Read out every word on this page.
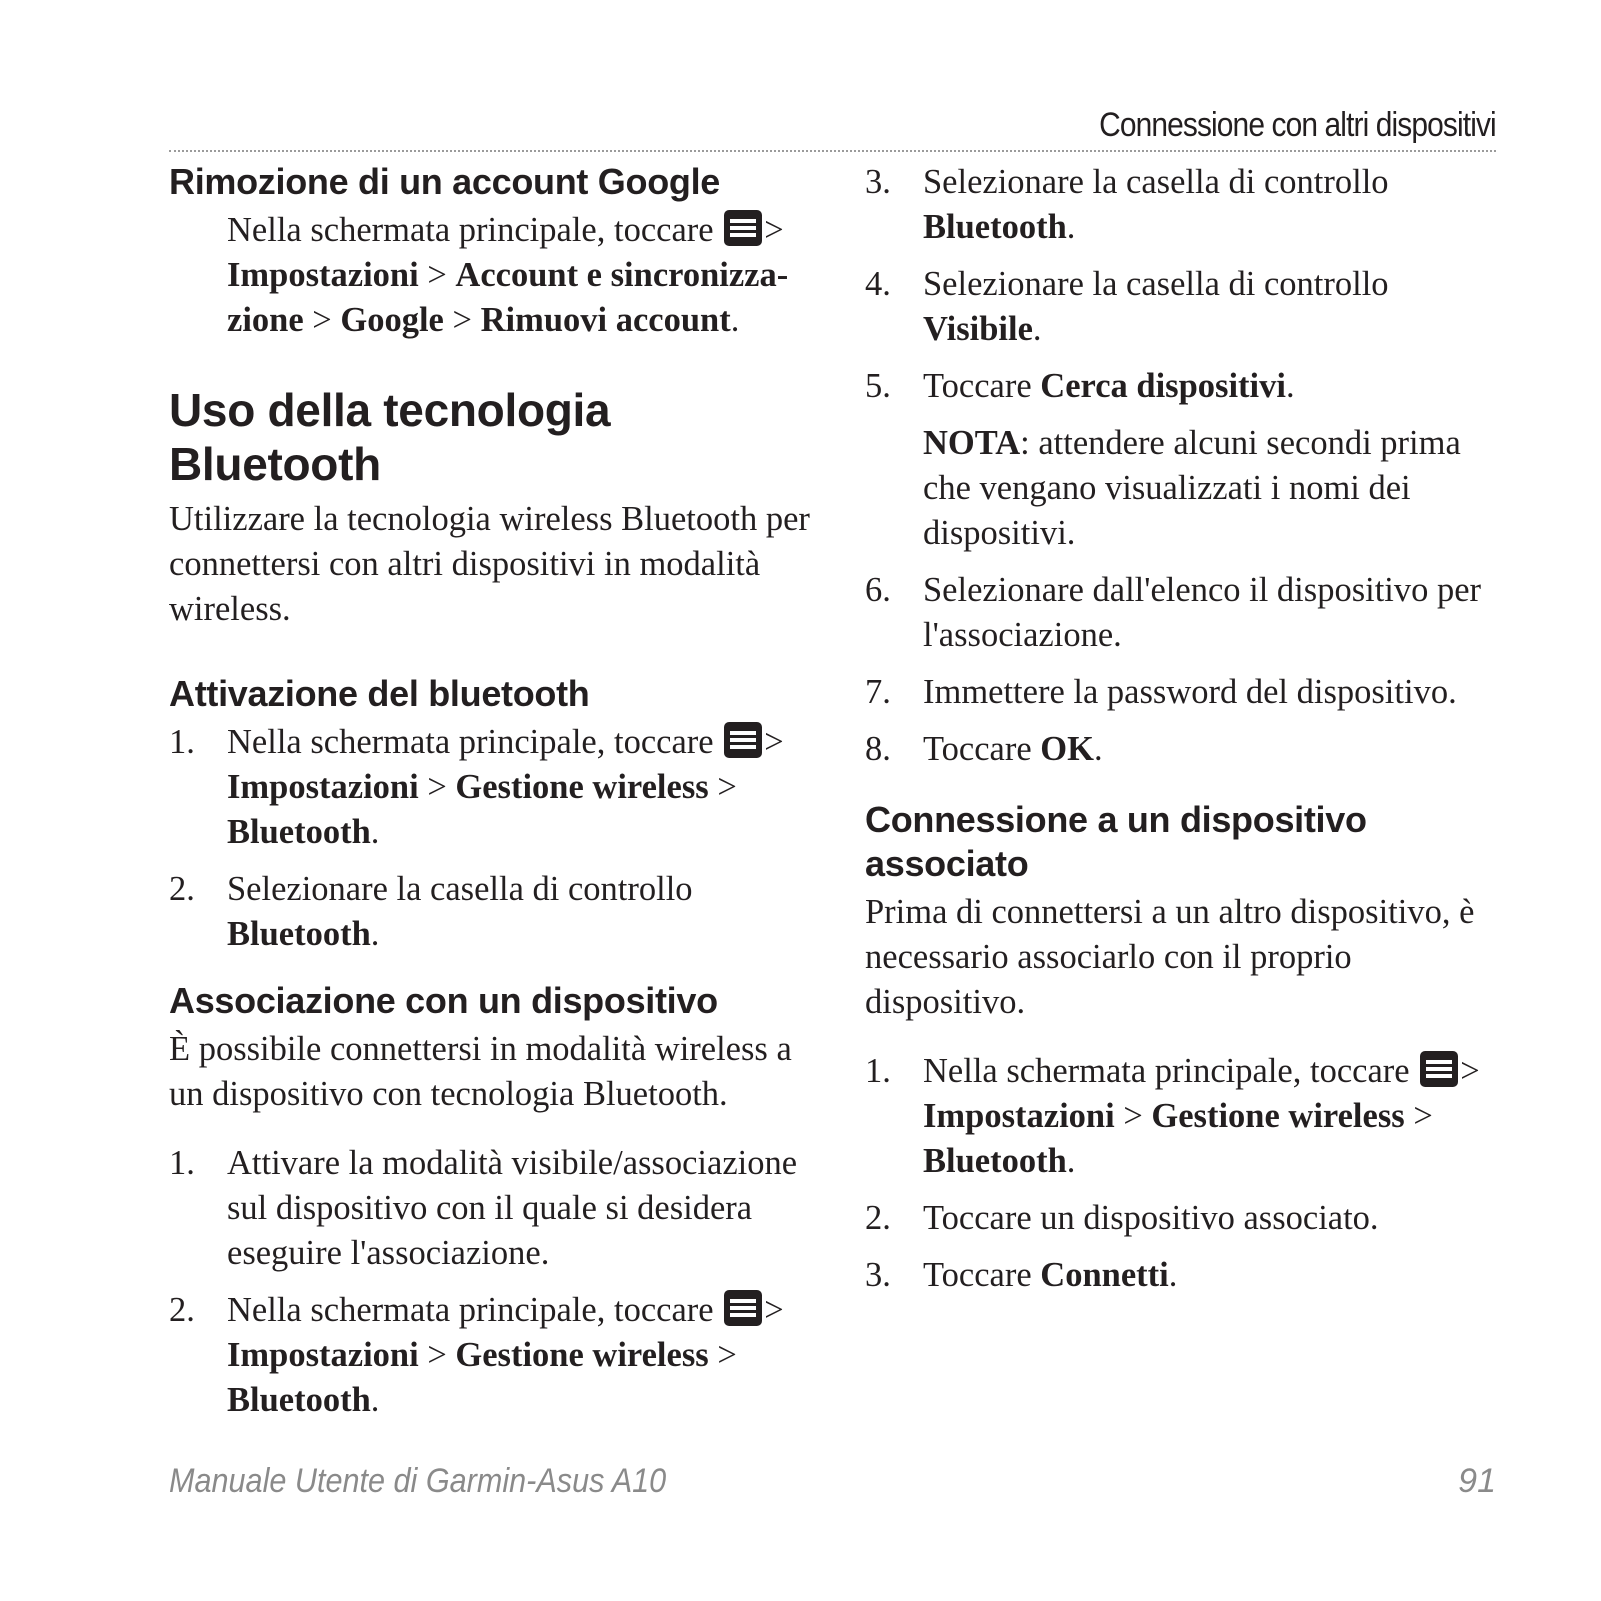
Connessione con altri dispositivi
Rimozione di un account Google

Nella schermata principale, toccare > Impostazioni > Account e sincronizza-
zione > Google > Rimuovi account.

Uso della tecnologia
Bluetooth

Utilizzare la tecnologia wireless Bluetooth per connettersi con altri dispositivi in modalità wireless.

Attivazione del bluetooth
1. Nella schermata principale, toccare > Impostazioni > Gestione wireless >
Bluetooth.
2. Selezionare la casella di controllo
Bluetooth.
Associazione con un dispositivo

È possibile connettersi in modalità wireless a un dispositivo con tecnologia Bluetooth.

1. Attivare la modalità visibile/associazione sul dispositivo con il quale si desidera eseguire l'associazione.
2. Nella schermata principale, toccare > Impostazioni > Gestione wireless >
Bluetooth.
3. Selezionare la casella di controllo
Bluetooth.
4. Selezionare la casella di controllo
Visibile.
5. Toccare Cerca dispositivi.
NOTA: attendere alcuni secondi prima che vengano visualizzati i nomi dei dispositivi.
6. Selezionare dall'elenco il dispositivo per l'associazione.
7. Immettere la password del dispositivo.
8. Toccare OK.
Connessione a un dispositivo
associato

Prima di connettersi a un altro dispositivo, è necessario associarlo con il proprio dispositivo.

1. Nella schermata principale, toccare > Impostazioni > Gestione wireless >
Bluetooth.
2. Toccare un dispositivo associato.
3. Toccare Connetti.
Manuale Utente di Garmin-Asus A10	91
